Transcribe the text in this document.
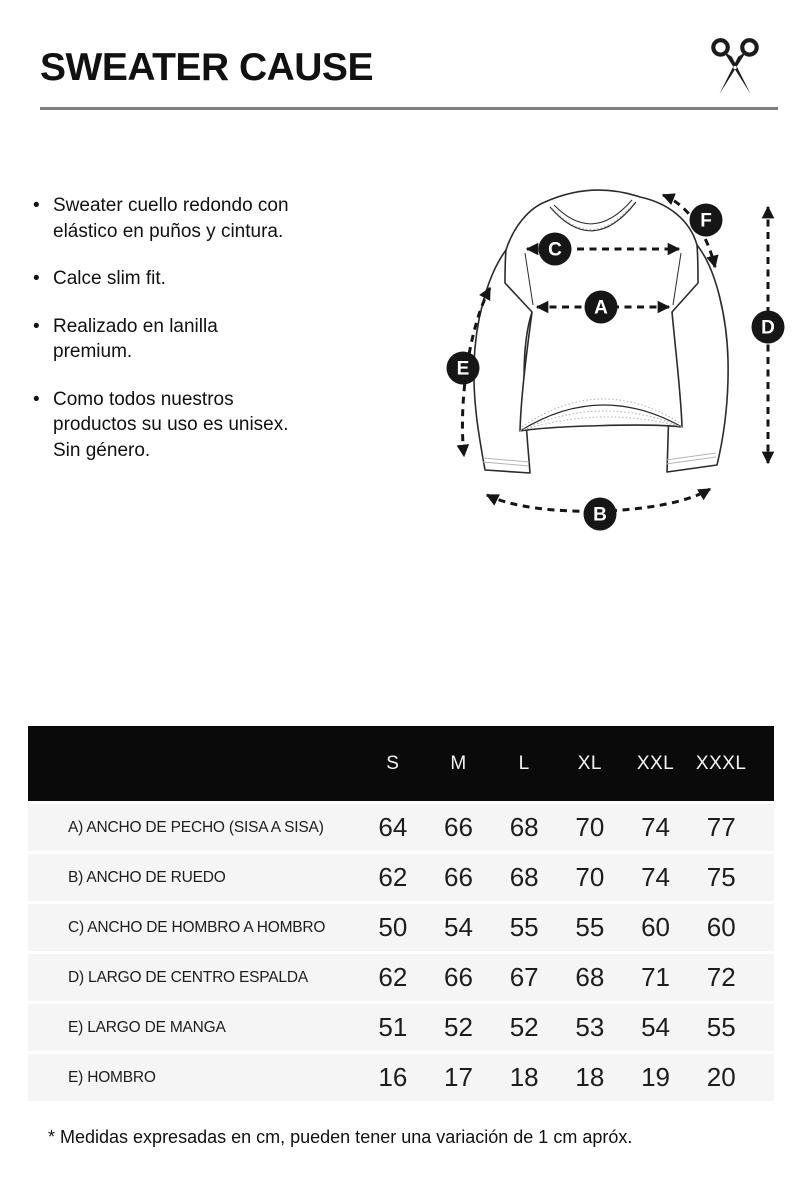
SWEATER CAUSE
• Sweater cuello redondo con
elástico en puños y cintura.
• Calce slim fit.
• Realizado en lanilla
premium.
• Como todos nuestros
productos su uso es unisex.
Sin género.
C
A
D
E
F
B
S	M	L	XL	XXL	XXXL
A) ANCHO DE PECHO (SISA A SISA)	64	66	68	70	74	77
B) ANCHO DE RUEDO	62	66	68	70	74	75
C) ANCHO DE HOMBRO A HOMBRO	50	54	55	55	60	60
D) LARGO DE CENTRO ESPALDA	62	66	67	68	71	72
E) LARGO DE MANGA	51	52	52	53	54	55
E) HOMBRO	16	17	18	18	19	20
* Medidas expresadas en cm, pueden tener una variación de 1 cm apróx.
